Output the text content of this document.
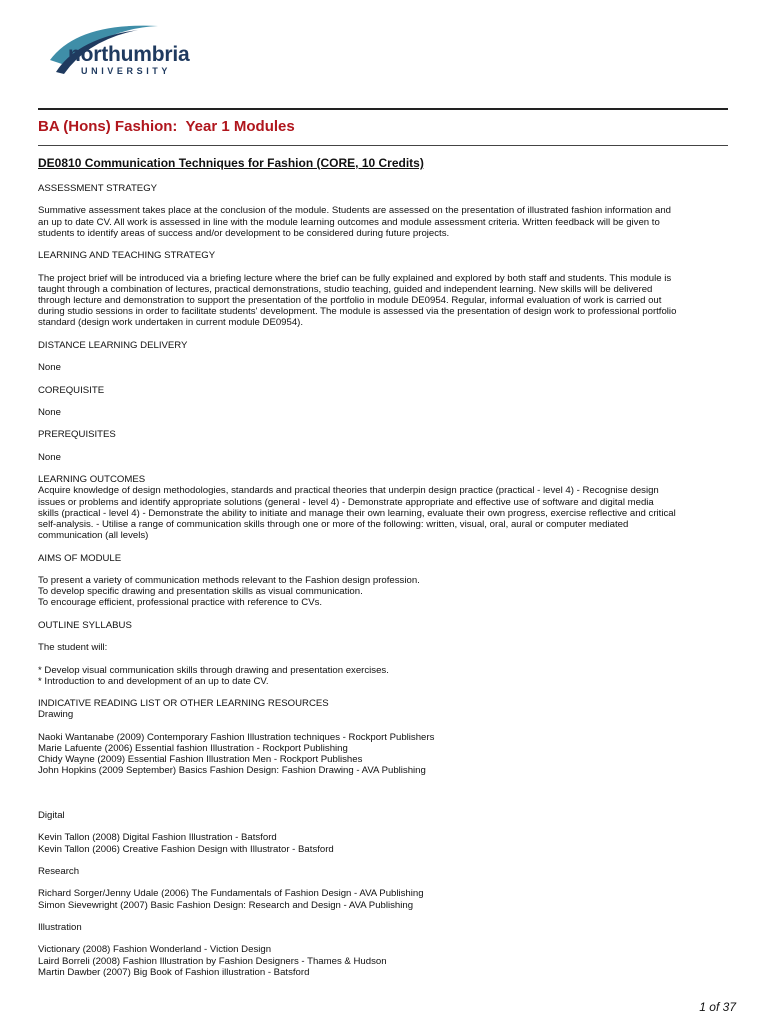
northumbria
UNIVERSITY
BA (Hons) Fashion:  Year 1 Modules
DE0810 Communication Techniques for Fashion (CORE, 10 Credits)

ASSESSMENT STRATEGY

Summative assessment takes place at the conclusion of the module. Students are assessed on the presentation of illustrated fashion information and
an up to date CV. All work is assessed in line with the module learning outcomes and module assessment criteria. Written feedback will be given to
students to identify areas of success and/or development to be considered during future projects.

LEARNING AND TEACHING STRATEGY

The project brief will be introduced via a briefing lecture where the brief can be fully explained and explored by both staff and students. This module is
taught through a combination of lectures, practical demonstrations, studio teaching, guided and independent learning. New skills will be delivered
through lecture and demonstration to support the presentation of the portfolio in module DE0954. Regular, informal evaluation of work is carried out
during studio sessions in order to facilitate students' development. The module is assessed via the presentation of design work to professional portfolio
standard (design work undertaken in current module DE0954).

DISTANCE LEARNING DELIVERY

None

COREQUISITE

None

PREREQUISITES

None

LEARNING OUTCOMES
Acquire knowledge of design methodologies, standards and practical theories that underpin design practice (practical - level 4) - Recognise design
issues or problems and identify appropriate solutions (general - level 4) - Demonstrate appropriate and effective use of software and digital media
skills (practical - level 4) - Demonstrate the ability to initiate and manage their own learning, evaluate their own progress, exercise reflective and critical
self-analysis. - Utilise a range of communication skills through one or more of the following: written, visual, oral, aural or computer mediated
communication (all levels)

AIMS OF MODULE

To present a variety of communication methods relevant to the Fashion design profession.
To develop specific drawing and presentation skills as visual communication.
To encourage efficient, professional practice with reference to CVs.

OUTLINE SYLLABUS

The student will:

* Develop visual communication skills through drawing and presentation exercises.
* Introduction to and development of an up to date CV.

INDICATIVE READING LIST OR OTHER LEARNING RESOURCES
Drawing

Naoki Wantanabe (2009) Contemporary Fashion Illustration techniques - Rockport Publishers
Marie Lafuente (2006) Essential fashion Illustration - Rockport Publishing
Chidy Wayne (2009) Essential Fashion Illustration Men - Rockport Publishes
John Hopkins (2009 September) Basics Fashion Design: Fashion Drawing - AVA Publishing

Digital

Kevin Tallon (2008) Digital Fashion Illustration - Batsford
Kevin Tallon (2006) Creative Fashion Design with Illustrator - Batsford

Research

Richard Sorger/Jenny Udale (2006) The Fundamentals of Fashion Design - AVA Publishing
Simon Sievewright (2007) Basic Fashion Design: Research and Design - AVA Publishing

Illustration

Victionary (2008) Fashion Wonderland - Viction Design
Laird Borreli (2008) Fashion Illustration by Fashion Designers - Thames & Hudson
Martin Dawber (2007) Big Book of Fashion illustration - Batsford

1 of 37
